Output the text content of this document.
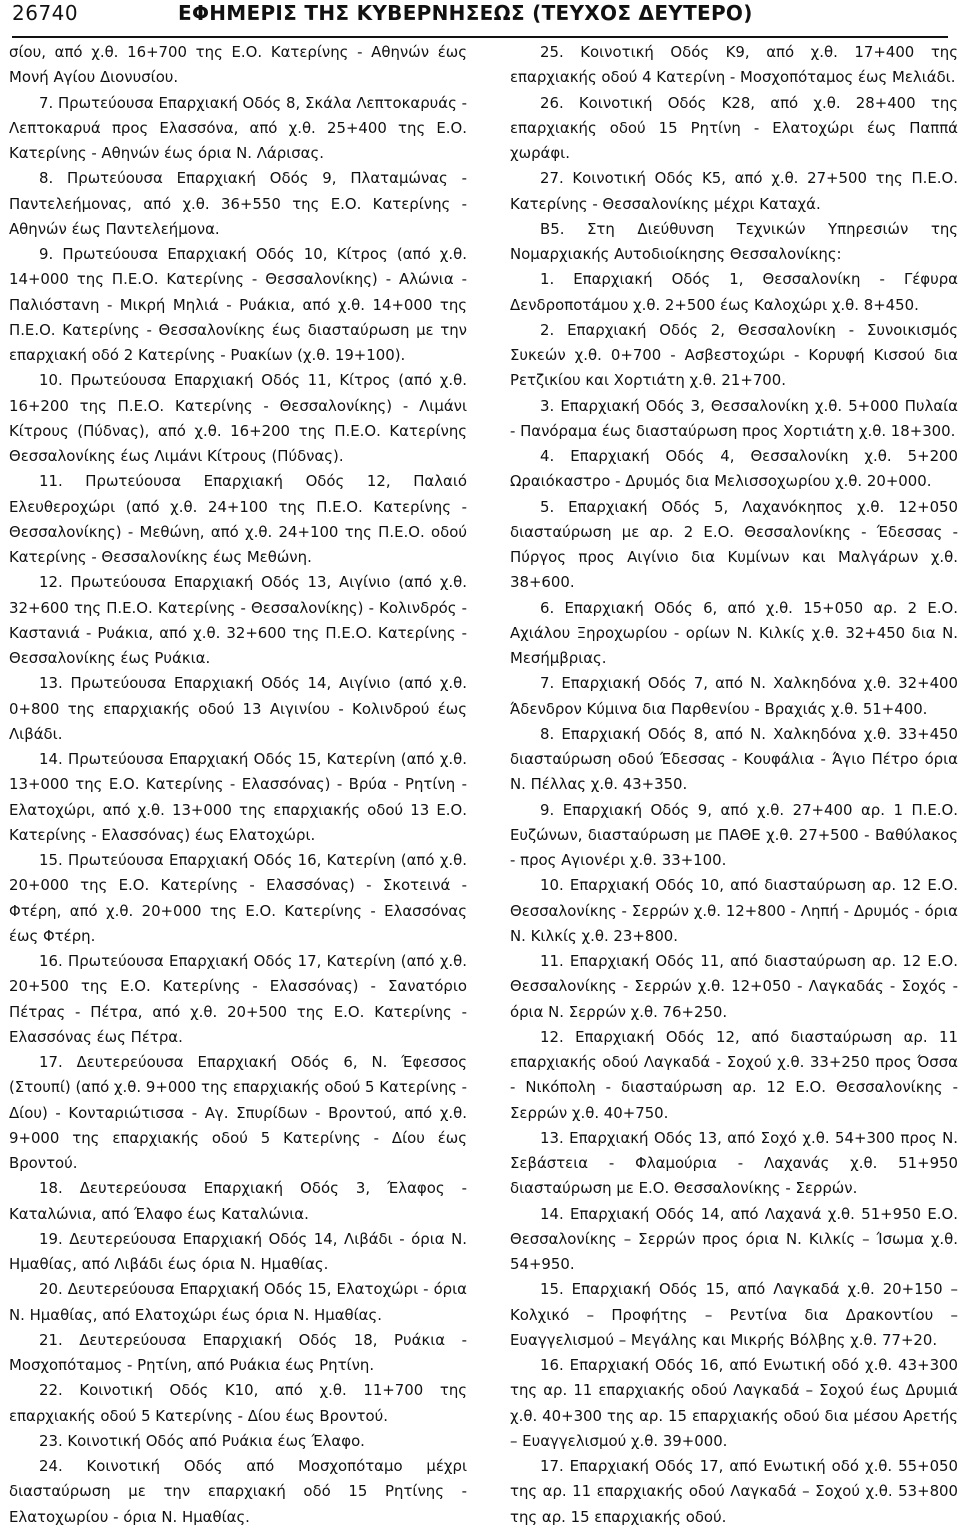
26740	ΕΦΗΜΕΡΙΣ ΤΗΣ ΚΥΒΕΡΝΗΣΕΩΣ (ΤΕΥΧΟΣ ΔΕΥΤΕΡΟ)

σίου, από χ.θ. 16+700 της Ε.Ο. Κατερίνης - Αθηνών έως Μονή Αγίου Διονυσίου.

7. Πρωτεύουσα Επαρχιακή Οδός 8, Σκάλα Λεπτοκαρυάς - Λεπτοκαρυά προς Ελασσόνα, από χ.θ. 25+400 της Ε.Ο. Κατερίνης - Αθηνών έως όρια Ν. Λάρισας.

8. Πρωτεύουσα Επαρχιακή Οδός 9, Πλαταμώνας - Παντελεήμονας, από χ.θ. 36+550 της Ε.Ο. Κατερίνης - Αθηνών έως Παντελεήμονα.

9. Πρωτεύουσα Επαρχιακή Οδός 10, Κίτρος (από χ.θ. 14+000 της Π.Ε.Ο. Κατερίνης - Θεσσαλονίκης) - Αλώνια - Παλιόσταvη - Μικρή Μηλιά - Ρυάκια, από χ.θ. 14+000 της Π.Ε.Ο. Κατερίνης - Θεσσαλονίκης έως διασταύρωση με την επαρχιακή οδό 2 Κατερίνης - Ρυακίων (χ.θ. 19+100).

10. Πρωτεύουσα Επαρχιακή Οδός 11, Κίτρος (από χ.θ. 16+200 της Π.Ε.Ο. Κατερίνης - Θεσσαλονίκης) - Λιμάνι Κίτρους (Πύδνας), από χ.θ. 16+200 της Π.Ε.Ο. Κατερίνης Θεσσαλονίκης έως Λιμάνι Κίτρους (Πύδνας).

11. Πρωτεύουσα Επαρχιακή Οδός 12, Παλαιό Ελευθεροχώρι (από χ.θ. 24+100 της Π.Ε.Ο. Κατερίνης - Θεσσαλονίκης) - Μεθώνη, από χ.θ. 24+100 της Π.Ε.Ο. οδού Κατερίνης - Θεσσαλονίκης έως Μεθώνη.

12. Πρωτεύουσα Επαρχιακή Οδός 13, Αιγίνιο (από χ.θ. 32+600 της Π.Ε.Ο. Κατερίνης - Θεσσαλονίκης) - Κολινδρός - Καστανιά - Ρυάκια, από χ.θ. 32+600 της Π.Ε.Ο. Κατερίνης - Θεσσαλονίκης έως Ρυάκια.

13. Πρωτεύουσα Επαρχιακή Οδός 14, Αιγίνιο (από χ.θ. 0+800 της επαρχιακής οδού 13 Αιγινίου - Κολινδρού έως Λιβάδι.

14. Πρωτεύουσα Επαρχιακή Οδός 15, Κατερίνη (από χ.θ. 13+000 της Ε.Ο. Κατερίνης - Ελασσόνας) - Βρύα - Ρητίνη - Ελατοχώρι, από χ.θ. 13+000 της επαρχιακής οδού 13 Ε.Ο. Κατερίνης - Ελασσόνας) έως Ελατοχώρι.

15. Πρωτεύουσα Επαρχιακή Οδός 16, Κατερίνη (από χ.θ. 20+000 της Ε.Ο. Κατερίνης - Ελασσόνας) - Σκοτεινά - Φτέρη, από χ.θ. 20+000 της Ε.Ο. Κατερίνης - Ελασσόνας έως Φτέρη.

16. Πρωτεύουσα Επαρχιακή Οδός 17, Κατερίνη (από χ.θ. 20+500 της Ε.Ο. Κατερίνης - Ελασσόνας) - Σανατόριο Πέτρας - Πέτρα, από χ.θ. 20+500 της Ε.Ο. Κατερίνης - Ελασσόνας έως Πέτρα.

17. Δευτερεύουσα Επαρχιακή Οδός 6, Ν. Έφεσσος (Στουπί) (από χ.θ. 9+000 της επαρχιακής οδού 5 Κατερίνης - Δίου) - Κονταριώτισσα - Αγ. Σπυρίδων - Βροντού, από χ.θ. 9+000 της επαρχιακής οδού 5 Κατερίνης - Δίου έως Βροντού.

18. Δευτερεύουσα Επαρχιακή Οδός 3, Έλαφος - Καταλώνια, από Έλαφο έως Καταλώνια.

19. Δευτερεύουσα Επαρχιακή Οδός 14, Λιβάδι - όρια Ν. Ημαθίας, από Λιβάδι έως όρια Ν. Ημαθίας.

20. Δευτερεύουσα Επαρχιακή Οδός 15, Ελατοχώρι - όρια Ν. Ημαθίας, από Ελατοχώρι έως όρια Ν. Ημαθίας.

21. Δευτερεύουσα Επαρχιακή Οδός 18, Ρυάκια - Μοσχοπόταμος - Ρητίνη, από Ρυάκια έως Ρητίνη.

22. Κοινοτική Οδός Κ10, από χ.θ. 11+700 της επαρχιακής οδού 5 Κατερίνης - Δίου έως Βροντού.

23. Κοινοτική Οδός από Ρυάκια έως Έλαφο.

24. Κοινοτική Οδός από Μοσχοπόταμο μέχρι διασταύρωση με την επαρχιακή οδό 15 Ρητίνης - Ελατοχωρίου - όρια Ν. Ημαθίας.

25. Κοινοτική Οδός Κ9, από χ.θ. 17+400 της επαρχιακής οδού 4 Κατερίνη - Μοσχοπόταμος έως Μελιάδι.

26. Κοινοτική Οδός Κ28, από χ.θ. 28+400 της επαρχιακής οδού 15 Ρητίνη - Ελατοχώρι έως Παππά χωράφι.

27. Κοινοτική Οδός Κ5, από χ.θ. 27+500 της Π.Ε.Ο. Κατερίνης - Θεσσαλονίκης μέχρι Καταχά.

Β5. Στη Διεύθυνση Τεχνικών Υπηρεσιών της Νομαρχιακής Αυτοδιοίκησης Θεσσαλονίκης:

1. Επαρχιακή Οδός 1, Θεσσαλονίκη - Γέφυρα Δενδροποτάμου χ.θ. 2+500 έως Καλοχώρι χ.θ. 8+450.

2. Επαρχιακή Οδός 2, Θεσσαλονίκη - Συνοικισμός Συκεών χ.θ. 0+700 - Ασβεστοχώρι - Κορυφή Κισσού δια Ρετζικίου και Χορτιάτη χ.θ. 21+700.

3. Επαρχιακή Οδός 3, Θεσσαλονίκη χ.θ. 5+000 Πυλαία - Πανόραμα έως διασταύρωση προς Χορτιάτη χ.θ. 18+300.

4. Επαρχιακή Οδός 4, Θεσσαλονίκη χ.θ. 5+200 Ωραιόκαστρο - Δρυμός δια Μελισσοχωρίου χ.θ. 20+000.

5. Επαρχιακή Οδός 5, Λαχανόκηπος χ.θ. 12+050 διασταύρωση με αρ. 2 Ε.Ο. Θεσσαλονίκης - Έδεσσας - Πύργος προς Αιγίνιο δια Κυμίνων και Μαλγάρων χ.θ. 38+600.

6. Επαρχιακή Οδός 6, από χ.θ. 15+050 αρ. 2 Ε.Ο. Αχιάλου Ξηροχωρίου - ορίων Ν. Κιλκίς χ.θ. 32+450 δια Ν. Μεσήμβριας.

7. Επαρχιακή Οδός 7, από Ν. Χαλκηδόνα χ.θ. 32+400 Άδενδρον Κύμινα δια Παρθενίου - Βραχιάς χ.θ. 51+400.

8. Επαρχιακή Οδός 8, από Ν. Χαλκηδόνα χ.θ. 33+450 διασταύρωση οδού Έδεσσας - Κουφάλια - Άγιο Πέτρο όρια Ν. Πέλλας χ.θ. 43+350.

9. Επαρχιακή Οδός 9, από χ.θ. 27+400 αρ. 1 Π.Ε.Ο. Ευζώνων, διασταύρωση με ΠΑΘΕ χ.θ. 27+500 - Βαθύλακος - προς Αγιονέρι χ.θ. 33+100.

10. Επαρχιακή Οδός 10, από διασταύρωση αρ. 12 Ε.Ο. Θεσσαλονίκης - Σερρών χ.θ. 12+800 - Ληπή - Δρυμός - όρια Ν. Κιλκίς χ.θ. 23+800.

11. Επαρχιακή Οδός 11, από διασταύρωση αρ. 12 Ε.Ο. Θεσσαλονίκης - Σερρών χ.θ. 12+050 - Λαγκαδάς - Σοχός - όρια Ν. Σερρών χ.θ. 76+250.

12. Επαρχιακή Οδός 12, από διασταύρωση αρ. 11 επαρχιακής οδού Λαγκαδά - Σοχού χ.θ. 33+250 προς Όσσα - Νικόπολη - διασταύρωση αρ. 12 Ε.Ο. Θεσσαλονίκης - Σερρών χ.θ. 40+750.

13. Επαρχιακή Οδός 13, από Σοχό χ.θ. 54+300 προς Ν. Σεβάστεια - Φλαμούρια - Λαχανάς χ.θ. 51+950 διασταύρωση με Ε.Ο. Θεσσαλονίκης - Σερρών.

14. Επαρχιακή Οδός 14, από Λαχανά χ.θ. 51+950 Ε.Ο. Θεσσαλονίκης – Σερρών προς όρια Ν. Κιλκίς – Ίσωμα χ.θ. 54+950.

15. Επαρχιακή Οδός 15, από Λαγκαδά χ.θ. 20+150 – Κολχικό – Προφήτης – Ρεντίνα δια Δρακοντίου – Ευαγγελισμού – Μεγάλης και Μικρής Βόλβης χ.θ. 77+20.

16. Επαρχιακή Οδός 16, από Ενωτική οδό χ.θ. 43+300 της αρ. 11 επαρχιακής οδού Λαγκαδά – Σοχού έως Δρυμιά χ.θ. 40+300 της αρ. 15 επαρχιακής οδού δια μέσου Αρετής – Ευαγγελισμού χ.θ. 39+000.

17. Επαρχιακή Οδός 17, από Ενωτική οδό χ.θ. 55+050 της αρ. 11 επαρχιακής οδού Λαγκαδά – Σοχού χ.θ. 53+800 της αρ. 15 επαρχιακής οδού.
